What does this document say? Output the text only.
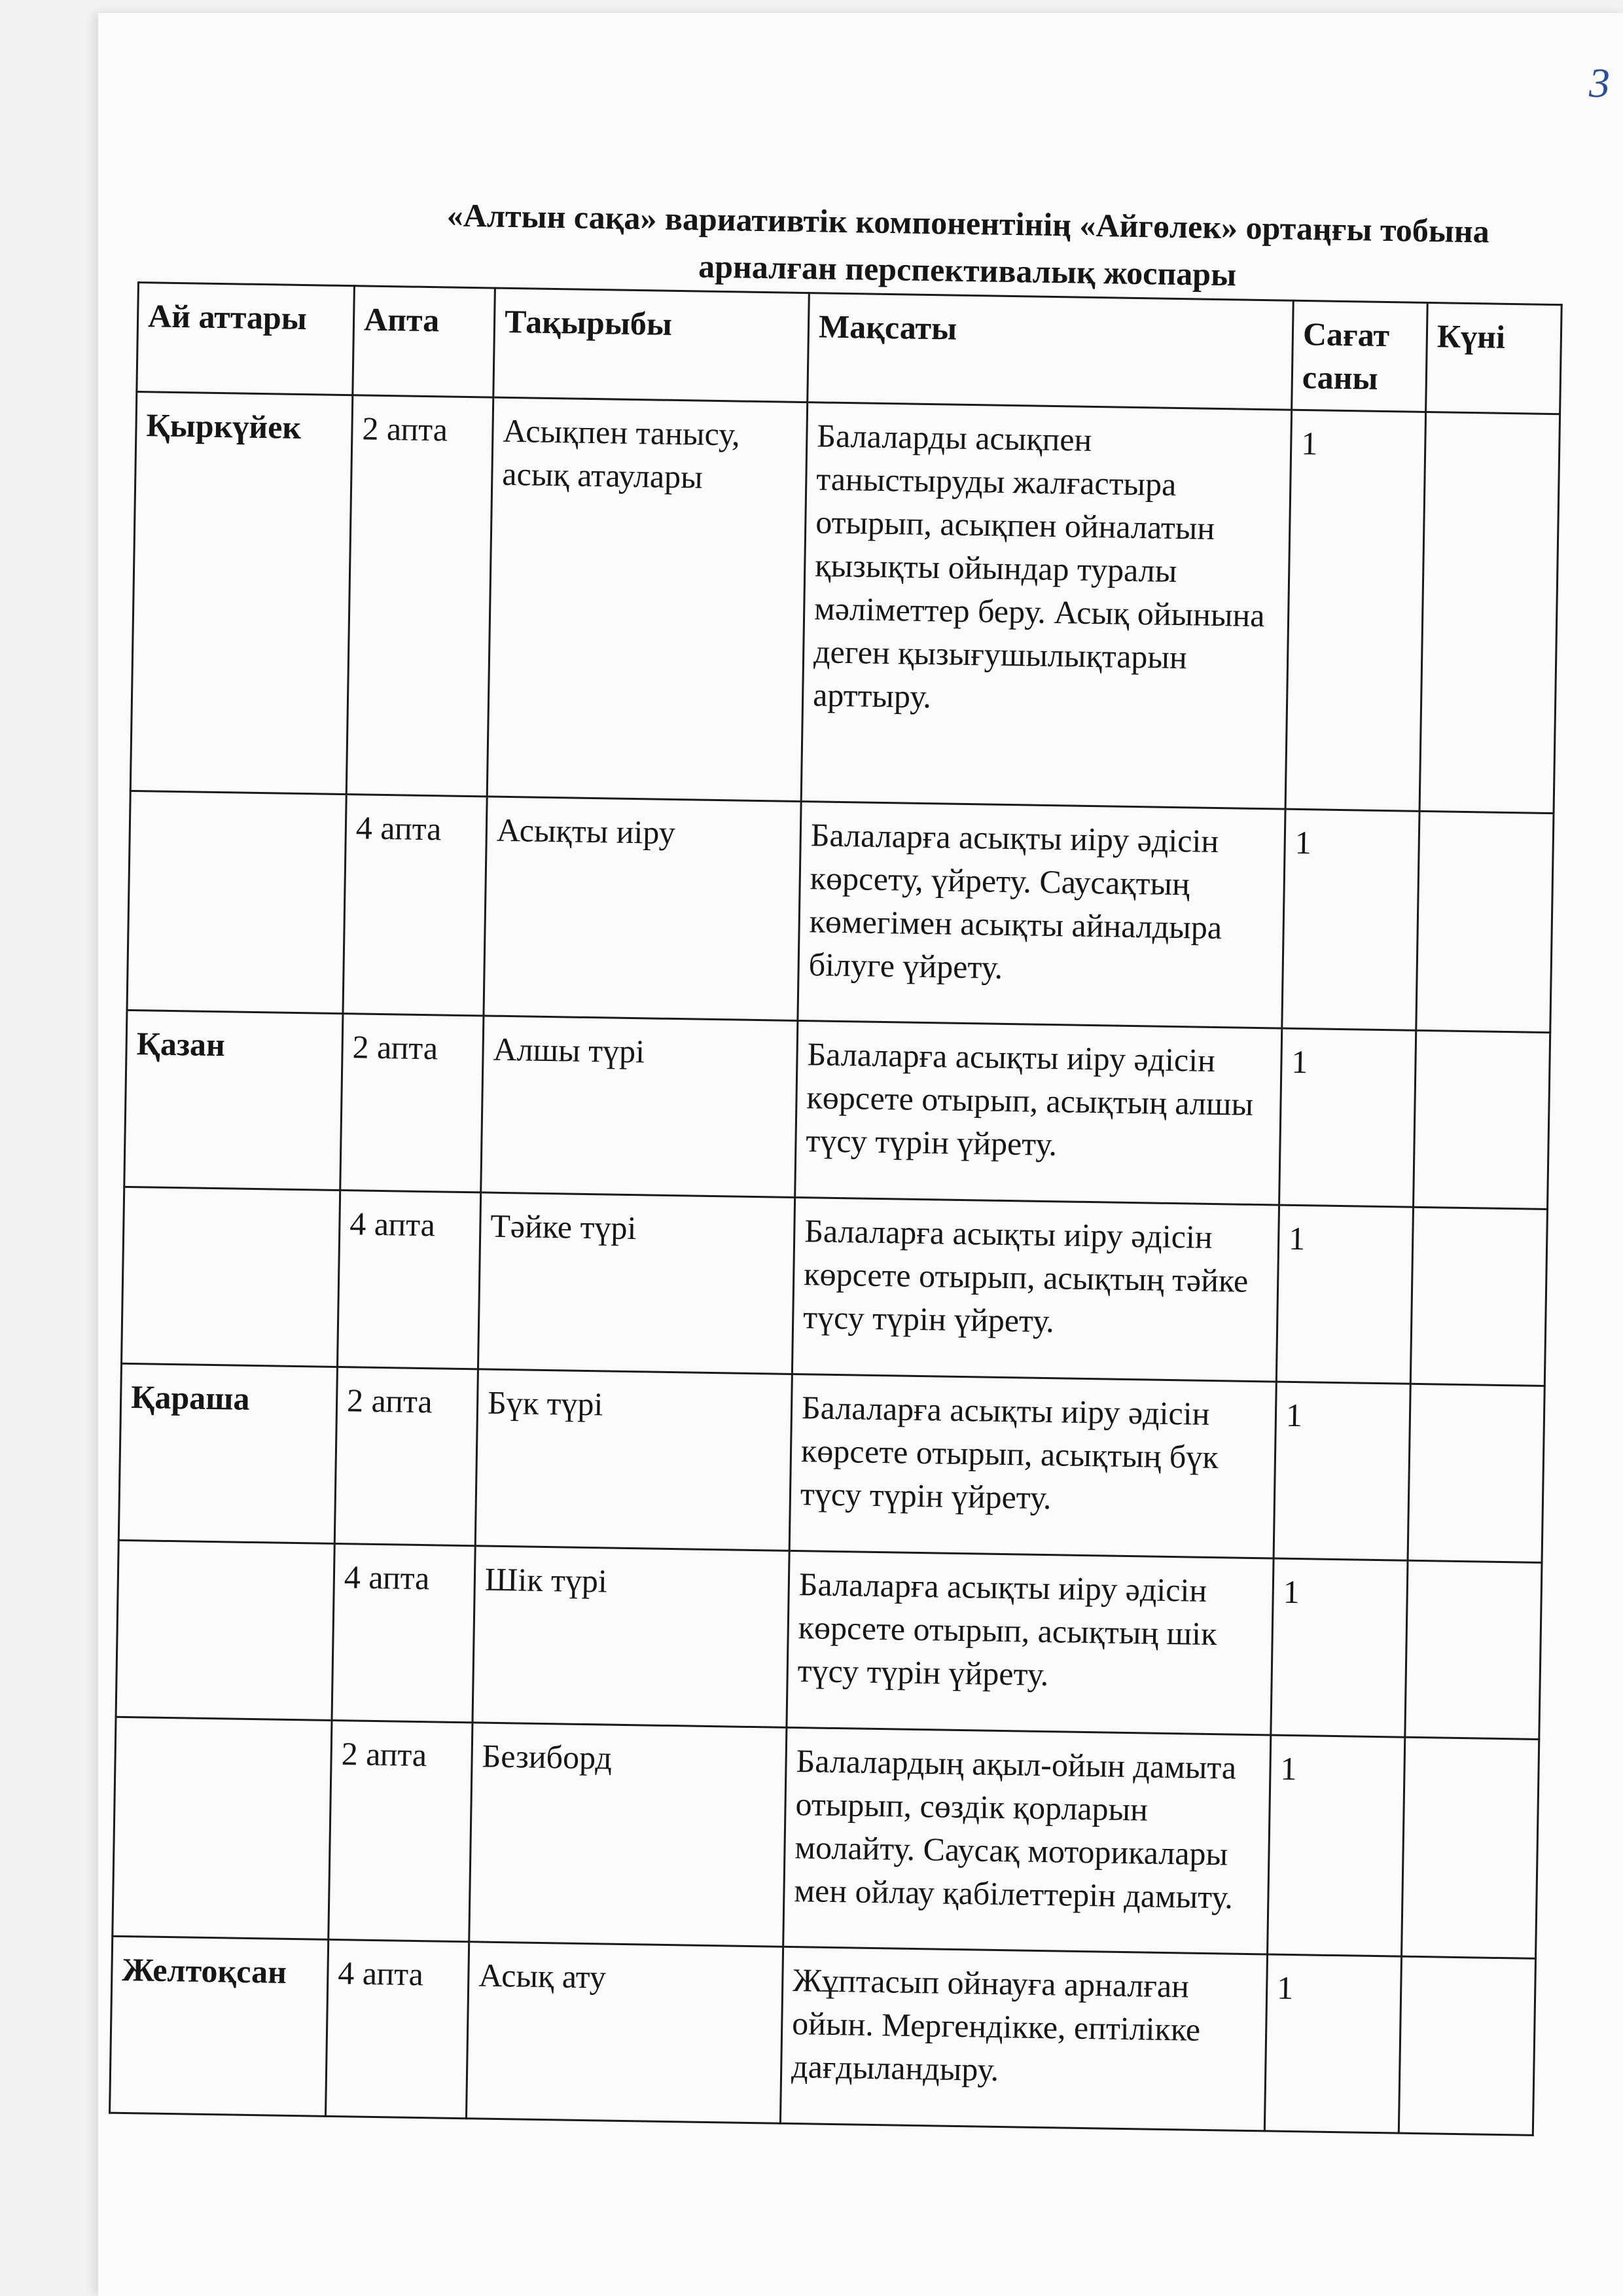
3
«Алтын сақа» вариативтік компонентінің «Айгөлек» ортаңғы тобына
арналған перспективалық жоспары
Ай аттары	Апта	Тақырыбы	Мақсаты	Сағат саны	Күні
Қыркүйек	2 апта	Асықпен танысу, асық атаулары	Балаларды асықпен таныстыруды жалғастыра отырып, асықпен ойналатын қызықты ойындар туралы мәліметтер беру. Асық ойынына деген қызығушылықтарын арттыру.	1	
	4 апта	Асықты иіру	Балаларға асықты иіру әдісін көрсету, үйрету. Саусақтың көмегімен асықты айналдыра білуге үйрету.	1	
Қазан	2 апта	Алшы түрі	Балаларға асықты иіру әдісін көрсете отырып, асықтың алшы түсу түрін үйрету.	1	
	4 апта	Тәйке түрі	Балаларға асықты иіру әдісін көрсете отырып, асықтың тәйке түсу түрін үйрету.	1	
Қараша	2 апта	Бүк түрі	Балаларға асықты иіру әдісін көрсете отырып, асықтың бүк түсу түрін үйрету.	1	
	4 апта	Шік түрі	Балаларға асықты иіру әдісін көрсете отырып, асықтың шік түсу түрін үйрету.	1	
	2 апта	Безиборд	Балалардың ақыл-ойын дамыта отырып, сөздік қорларын молайту. Саусақ моторикалары мен ойлау қабілеттерін дамыту.	1	
Желтоқсан	4 апта	Асық ату	Жұптасып ойнауға арналған ойын. Мергендікке, ептілікке дағдыландыру.	1	
